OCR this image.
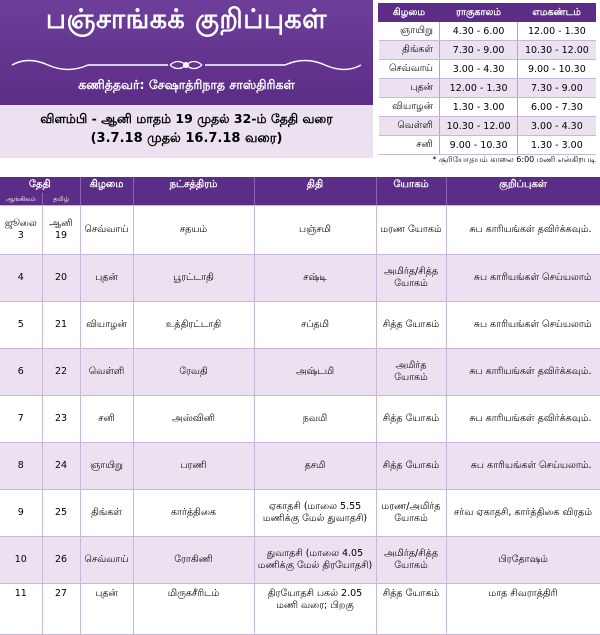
பஞ்சாங்கக் குறிப்புகள்
கணித்தவர்: சேஷாத்ரிநாத சாஸ்திரிகள்
விளம்பி - ஆனி மாதம் 19 முதல் 32-ம் தேதி வரை
(3.7.18 முதல் 16.7.18 வரை)
கிழமை	ராகுகாலம்	எமகண்டம்
ஞாயிறு	4.30 - 6.00	12.00 - 1.30
திங்கள்	7.30 - 9.00	10.30 - 12.00
செவ்வாய்	3.00 - 4.30	9.00 - 10.30
புதன்	12.00 - 1.30	7.30 - 9.00
வியாழன்	1.30 - 3.00	6.00 - 7.30
வெள்ளி	10.30 - 12.00	3.00 - 4.30
சனி	9.00 - 10.30	1.30 - 3.00
* சூரியோதயம் காலை 6:00 மணி என்கிறபடி
தேதி		கிழமை	நட்சத்திரம்	திதி	யோகம்	குறிப்புகள்
ஆங்கிலம்	தமிழ்					
ஜூலை 3	ஆனி 19	செவ்வாய்	சதயம்	பஞ்சமி	மரண யோகம்	சுப காரியங்கள் தவிர்க்கவும்.
4	20	புதன்	பூரட்டாதி	சஷ்டி	அமிர்த/சித்த யோகம்	சுப காரியங்கள் செய்யலாம்
5	21	வியாழன்	உத்திரட்டாதி	சப்தமி	சித்த யோகம்	சுப காரியங்கள் செய்யலாம்
6	22	வெள்ளி	ரேவதி	அஷ்டமி	அமிர்த யோகம்	சுப காரியங்கள் தவிர்க்கவும்.
7	23	சனி	அஸ்வினி	நவமி	சித்த யோகம்	சுப காரியங்கள் தவிர்க்கவும்.
8	24	ஞாயிறு	பரணி	தசமி	சித்த யோகம்	சுப காரியங்கள் செய்யலாம்.
9	25	திங்கள்	கார்த்திகை	ஏகாதசி (மாலை 5.55 மணிக்கு மேல் துவாதசி)	மரண/அமிர்த யோகம்	சர்வ ஏகாதசி, கார்த்திகை விரதம்
10	26	செவ்வாய்	ரோகிணி	துவாதசி (மாலை 4.05 மணிக்கு மேல் திரயோதசி)	அமிர்த/சித்த யோகம்	பிரதோஷம்
11	27	புதன்	மிருகசீரிடம்	திரயோதசி பகல் 2.05 மணி வரை; பிறகு	சித்த யோகம்	மாத சிவராத்திரி
